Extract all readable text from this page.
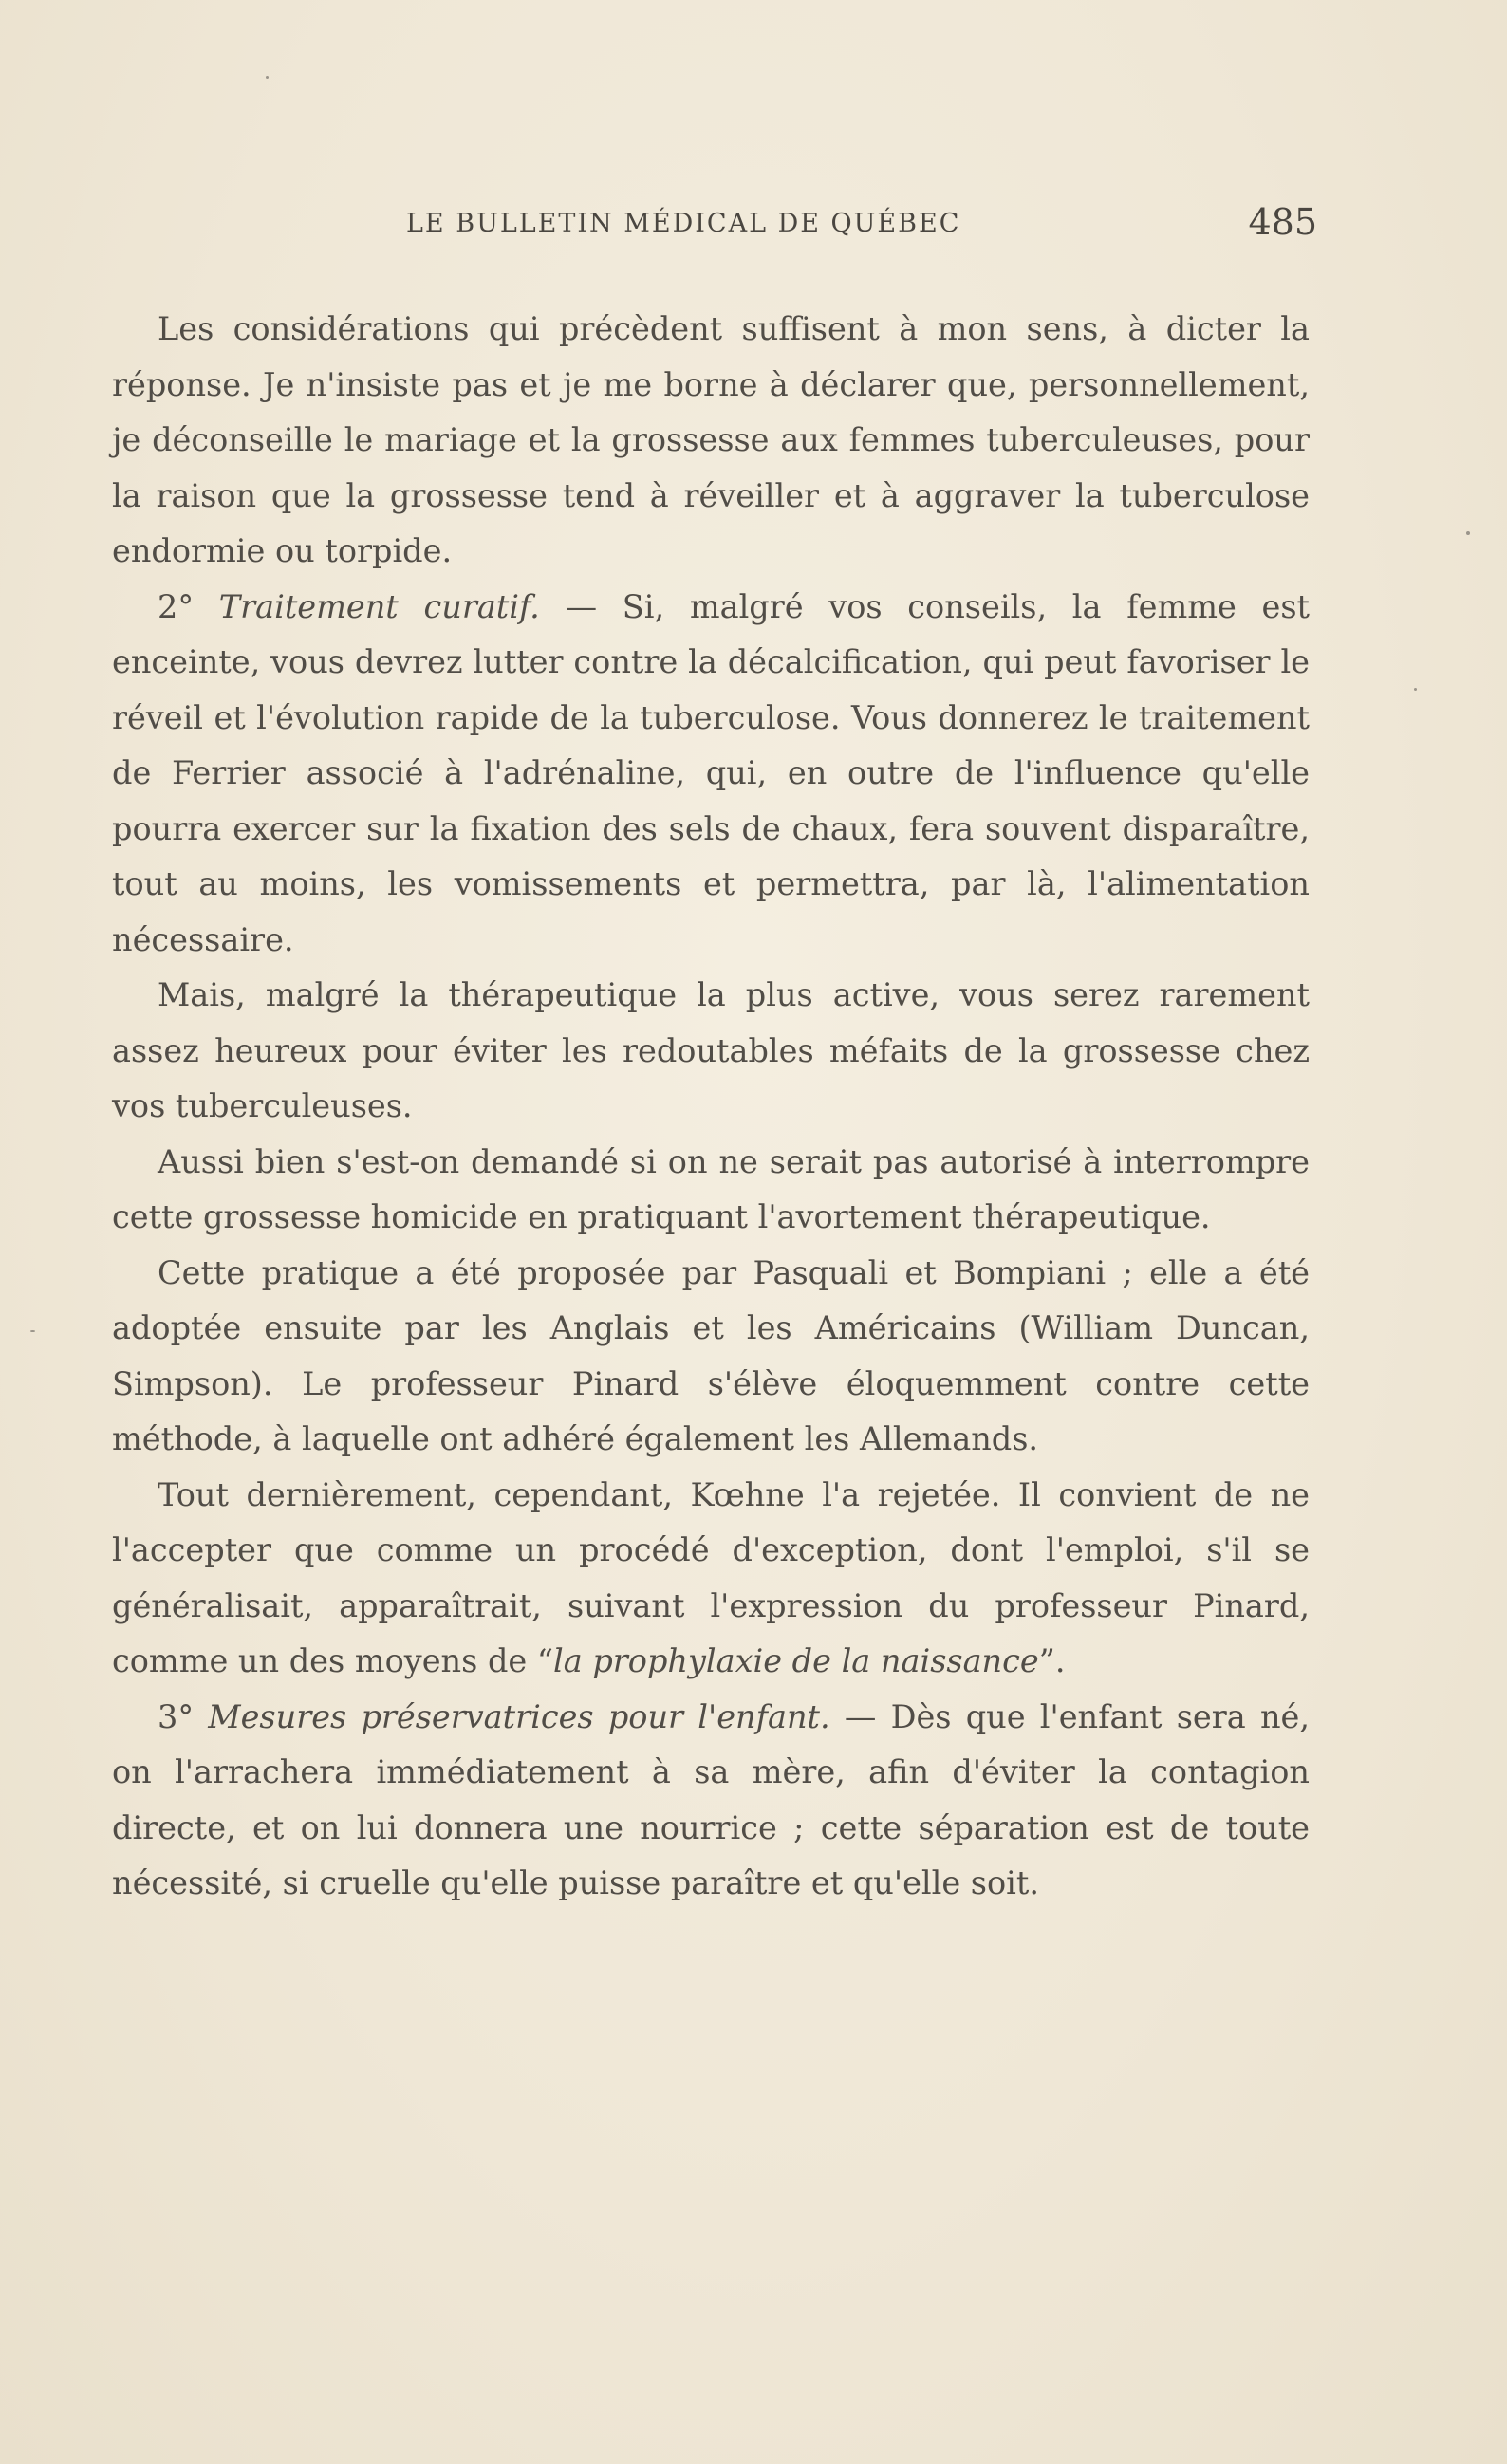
LE BULLETIN MÉDICAL DE QUÉBEC	485

Les considérations qui précèdent suffisent à mon sens, à dicter la réponse. Je n'insiste pas et je me borne à déclarer que, personnellement, je déconseille le mariage et la grossesse aux femmes tuberculeuses, pour la raison que la grossesse tend à réveiller et à aggraver la tuberculose endormie ou torpide.

2° Traitement curatif. — Si, malgré vos conseils, la femme est enceinte, vous devrez lutter contre la décalcification, qui peut favoriser le réveil et l'évolution rapide de la tuberculose. Vous donnerez le traitement de Ferrier associé à l'adrénaline, qui, en outre de l'influence qu'elle pourra exercer sur la fixation des sels de chaux, fera souvent disparaître, tout au moins, les vomissements et permettra, par là, l'alimentation nécessaire.

Mais, malgré la thérapeutique la plus active, vous serez rarement assez heureux pour éviter les redoutables méfaits de la grossesse chez vos tuberculeuses.

Aussi bien s'est-on demandé si on ne serait pas autorisé à interrompre cette grossesse homicide en pratiquant l'avortement thérapeutique.

Cette pratique a été proposée par Pasquali et Bompiani ; elle a été adoptée ensuite par les Anglais et les Américains (William Duncan, Simpson). Le professeur Pinard s'élève éloquemment contre cette méthode, à laquelle ont adhéré également les Allemands.

Tout dernièrement, cependant, Kœhne l'a rejetée. Il convient de ne l'accepter que comme un procédé d'exception, dont l'emploi, s'il se généralisait, apparaîtrait, suivant l'expression du professeur Pinard, comme un des moyens de “la prophylaxie de la naissance”.

3° Mesures préservatrices pour l'enfant. — Dès que l'enfant sera né, on l'arrachera immédiatement à sa mère, afin d'éviter la contagion directe, et on lui donnera une nourrice ; cette séparation est de toute nécessité, si cruelle qu'elle puisse paraître et qu'elle soit.
